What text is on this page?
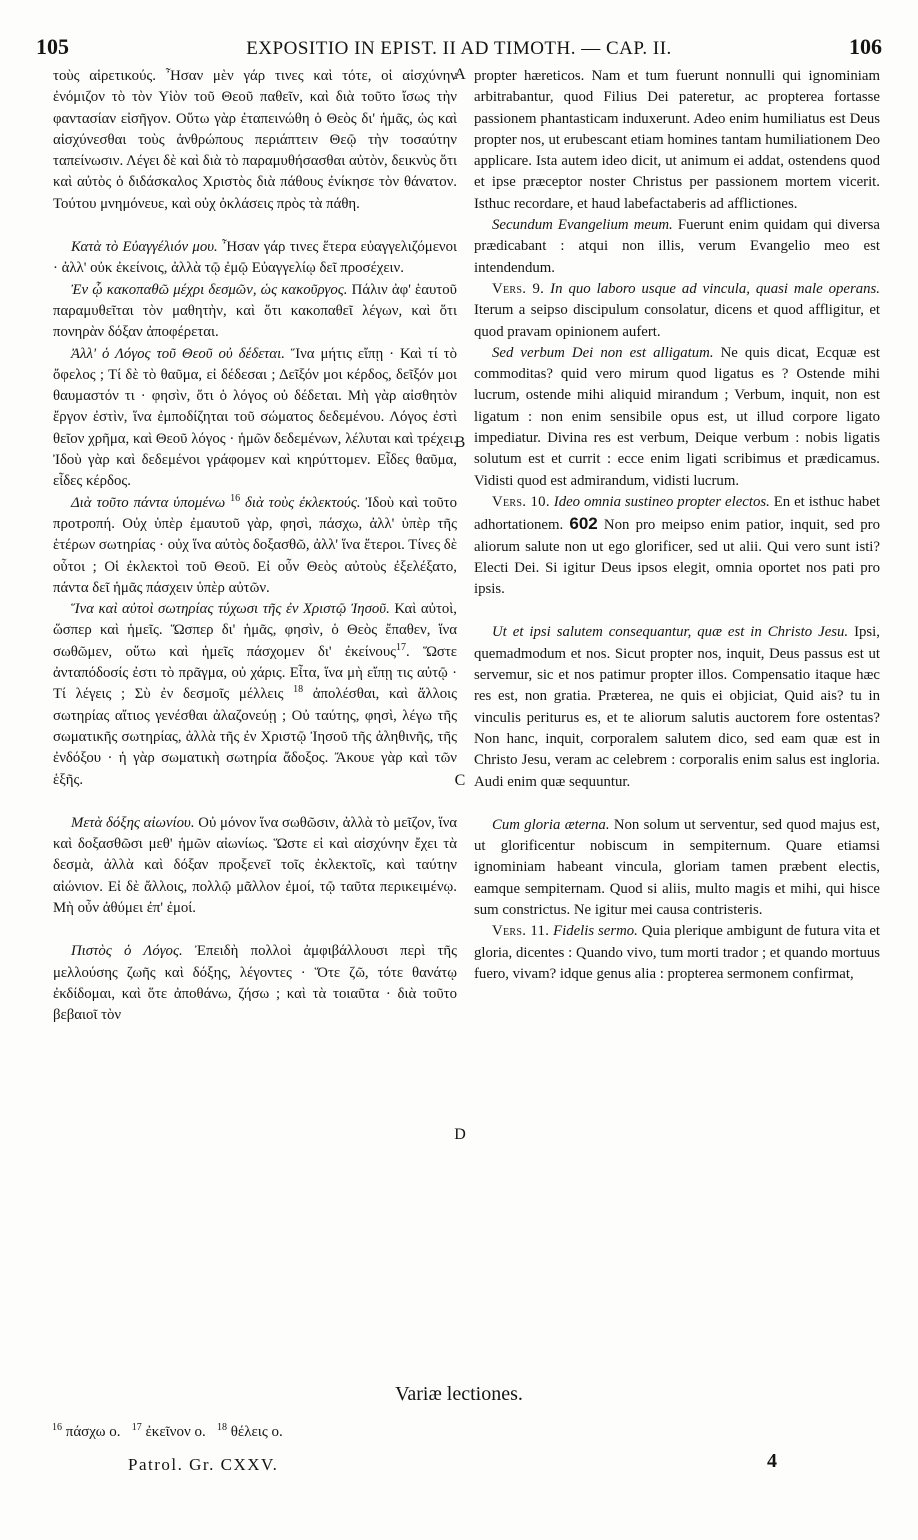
105	EXPOSITIO IN EPIST. II AD TIMOTH. — CAP. II.	106

τοὺς αἱρετικούς. Ἦσαν μὲν γάρ τινες καὶ τότε, οἱ αἰσχύνην ἐνόμιζον τὸ τὸν Υἱὸν τοῦ Θεοῦ παθεῖν, καὶ διὰ τοῦτο ἴσως τὴν φαντασίαν εἰσῆγον. Οὕτω γὰρ ἐταπεινώθη ὁ Θεὸς δι' ἡμᾶς, ὡς καὶ αἰσχύνεσθαι τοὺς ἀνθρώπους περιάπτειν Θεῷ τὴν τοσαύτην ταπείνωσιν. Λέγει δὲ καὶ διὰ τὸ παραμυθήσασθαι αὐτὸν, δεικνὺς ὅτι καὶ αὐτὸς ὁ διδάσκαλος Χριστὸς διὰ πάθους ἐνίκησε τὸν θάνατον. Τούτου μνημόνευε, καὶ οὐχ ὀκλάσεις πρὸς τὰ πάθη.

Κατὰ τὸ Εὐαγγέλιόν μου. Ἦσαν γάρ τινες ἕτερα εὐαγγελιζόμενοι · ἀλλ' οὐκ ἐκείνοις, ἀλλὰ τῷ ἐμῷ Εὐαγγελίῳ δεῖ προσέχειν.

Ἐν ᾧ κακοπαθῶ μέχρι δεσμῶν, ὡς κακοῦργος. Πάλιν ἀφ' ἑαυτοῦ παραμυθεῖται τὸν μαθητὴν, καὶ ὅτι κακοπαθεῖ λέγων, καὶ ὅτι πονηρὰν δόξαν ἀποφέρεται.

Ἀλλ' ὁ Λόγος τοῦ Θεοῦ οὐ δέδεται. Ἵνα μήτις εἴπῃ · Καὶ τί τὸ ὄφελος ; Τί δὲ τὸ θαῦμα, εἰ δέδεσαι ; Δεῖξόν μοι κέρδος, δεῖξόν μοι θαυμαστόν τι · φησὶν, ὅτι ὁ λόγος οὐ δέδεται. Μὴ γὰρ αἰσθητὸν ἔργον ἐστὶν, ἵνα ἐμποδίζηται τοῦ σώματος δεδεμένου. Λόγος ἐστὶ θεῖον χρῆμα, καὶ Θεοῦ λόγος · ἡμῶν δεδεμένων, λέλυται καὶ τρέχει. Ἰδοὺ γὰρ καὶ δεδεμένοι γράφομεν καὶ κηρύττομεν. Εἶδες θαῦμα, εἶδες κέρδος.

Διὰ τοῦτο πάντα ὑπομένω $^{16}$ διὰ τοὺς ἐκλεκτούς. Ἰδοὺ καὶ τοῦτο προτροπή. Οὐχ ὑπὲρ ἐμαυτοῦ γὰρ, φησὶ, πάσχω, ἀλλ' ὑπὲρ τῆς ἑτέρων σωτηρίας · οὐχ ἵνα αὐτὸς δοξασθῶ, ἀλλ' ἵνα ἕτεροι. Τίνες δὲ οὗτοι ; Οἱ ἐκλεκτοὶ τοῦ Θεοῦ. Εἰ οὖν Θεὸς αὐτοὺς ἐξελέξατο, πάντα δεῖ ἡμᾶς πάσχειν ὑπὲρ αὐτῶν.

Ἵνα καὶ αὐτοὶ σωτηρίας τύχωσι τῆς ἐν Χριστῷ Ἰησοῦ. Καὶ αὐτοὶ, ὥσπερ καὶ ἡμεῖς. Ὥσπερ δι' ἡμᾶς, φησὶν, ὁ Θεὸς ἔπαθεν, ἵνα σωθῶμεν, οὕτω καὶ ἡμεῖς πάσχομεν δι' ἐκείνους$^{17}$. Ὥστε ἀνταπόδοσίς ἐστι τὸ πρᾶγμα, οὐ χάρις. Εἶτα, ἵνα μὴ εἴπῃ τις αὐτῷ · Τί λέγεις ; Σὺ ἐν δεσμοῖς μέλλεις $^{18}$ ἀπολέσθαι, καὶ ἄλλοις σωτηρίας αἴτιος γενέσθαι ἀλαζονεύῃ ; Οὐ ταύτης, φησὶ, λέγω τῆς σωματικῆς σωτηρίας, ἀλλὰ τῆς ἐν Χριστῷ Ἰησοῦ τῆς ἀληθινῆς, τῆς ἐνδόξου · ἡ γὰρ σωματικὴ σωτηρία ἄδοξος. Ἄκουε γὰρ καὶ τῶν ἑξῆς.

Μετὰ δόξης αἰωνίου. Οὐ μόνον ἵνα σωθῶσιν, ἀλλὰ τὸ μεῖζον, ἵνα καὶ δοξασθῶσι μεθ' ἡμῶν αἰωνίως. Ὥστε εἰ καὶ αἰσχύνην ἔχει τὰ δεσμὰ, ἀλλὰ καὶ δόξαν προξενεῖ τοῖς ἐκλεκτοῖς, καὶ ταύτην αἰώνιον. Εἰ δὲ ἄλλοις, πολλῷ μᾶλλον ἐμοί, τῷ ταῦτα περικειμένῳ. Μὴ οὖν ἀθύμει ἐπ' ἐμοί.

Πιστὸς ὁ Λόγος. Ἐπειδὴ πολλοὶ ἀμφιβάλλουσι περὶ τῆς μελλούσης ζωῆς καὶ δόξης, λέγοντες · Ὅτε ζῶ, τότε θανάτῳ ἐκδίδομαι, καὶ ὅτε ἀποθάνω, ζήσω ; καὶ τὰ τοιαῦτα · διὰ τοῦτο βεβαιοῖ τὸν

A
B
C
D

propter hæreticos. Nam et tum fuerunt nonnulli qui ignominiam arbitrabantur, quod Filius Dei pateretur, ac propterea fortasse passionem phantasticam induxerunt. Adeo enim humiliatus est Deus propter nos, ut erubescant etiam homines tantam humiliationem Deo applicare. Ista autem ideo dicit, ut animum ei addat, ostendens quod et ipse præceptor noster Christus per passionem mortem vicerit. Isthuc recordare, et haud labefactaberis ad afflictiones.

Secundum Evangelium meum. Fuerunt enim quidam qui diversa prædicabant : atqui non illis, verum Evangelio meo est intendendum.

Vers. 9. In quo laboro usque ad vincula, quasi male operans. Iterum a seipso discipulum consolatur, dicens et quod affligitur, et quod pravam opinionem aufert.

Sed verbum Dei non est alligatum. Ne quis dicat, Ecquæ est commoditas? quid vero mirum quod ligatus es ? Ostende mihi lucrum, ostende mihi aliquid mirandum ; Verbum, inquit, non est ligatum : non enim sensibile opus est, ut illud corpore ligato impediatur. Divina res est verbum, Deique verbum : nobis ligatis solutum est et currit : ecce enim ligati scribimus et prædicamus. Vidisti quod est admirandum, vidisti lucrum.

Vers. 10. Ideo omnia sustineo propter electos. En et isthuc habet adhortationem. 602 Non pro meipso enim patior, inquit, sed pro aliorum salute non ut ego glorificer, sed ut alii. Qui vero sunt isti? Electi Dei. Si igitur Deus ipsos elegit, omnia oportet nos pati pro ipsis.

Ut et ipsi salutem consequantur, quæ est in Christo Jesu. Ipsi, quemadmodum et nos. Sicut propter nos, inquit, Deus passus est ut servemur, sic et nos patimur propter illos. Compensatio itaque hæc res est, non gratia. Præterea, ne quis ei objiciat, Quid ais? tu in vinculis periturus es, et te aliorum salutis auctorem fore ostentas? Non hanc, inquit, corporalem salutem dico, sed eam quæ est in Christo Jesu, veram ac celebrem : corporalis enim salus est ingloria. Audi enim quæ sequuntur.

Cum gloria æterna. Non solum ut serventur, sed quod majus est, ut glorificentur nobiscum in sempiternum. Quare etiamsi ignominiam habeant vincula, gloriam tamen præbent electis, eamque sempiternam. Quod si aliis, multo magis et mihi, qui hisce sum constrictus. Ne igitur mei causa contristeris.

Vers. 11. Fidelis sermo. Quia plerique ambigunt de futura vita et gloria, dicentes : Quando vivo, tum morti trador ; et quando mortuus fuero, vivam? idque genus alia : propterea sermonem confirmat,

Variæ lectiones.
$^{16}$ πάσχω ο. $^{17}$ ἐκεῖνον ο. $^{18}$ θέλεις ο.
Patrol. Gr. CXXV.	4
